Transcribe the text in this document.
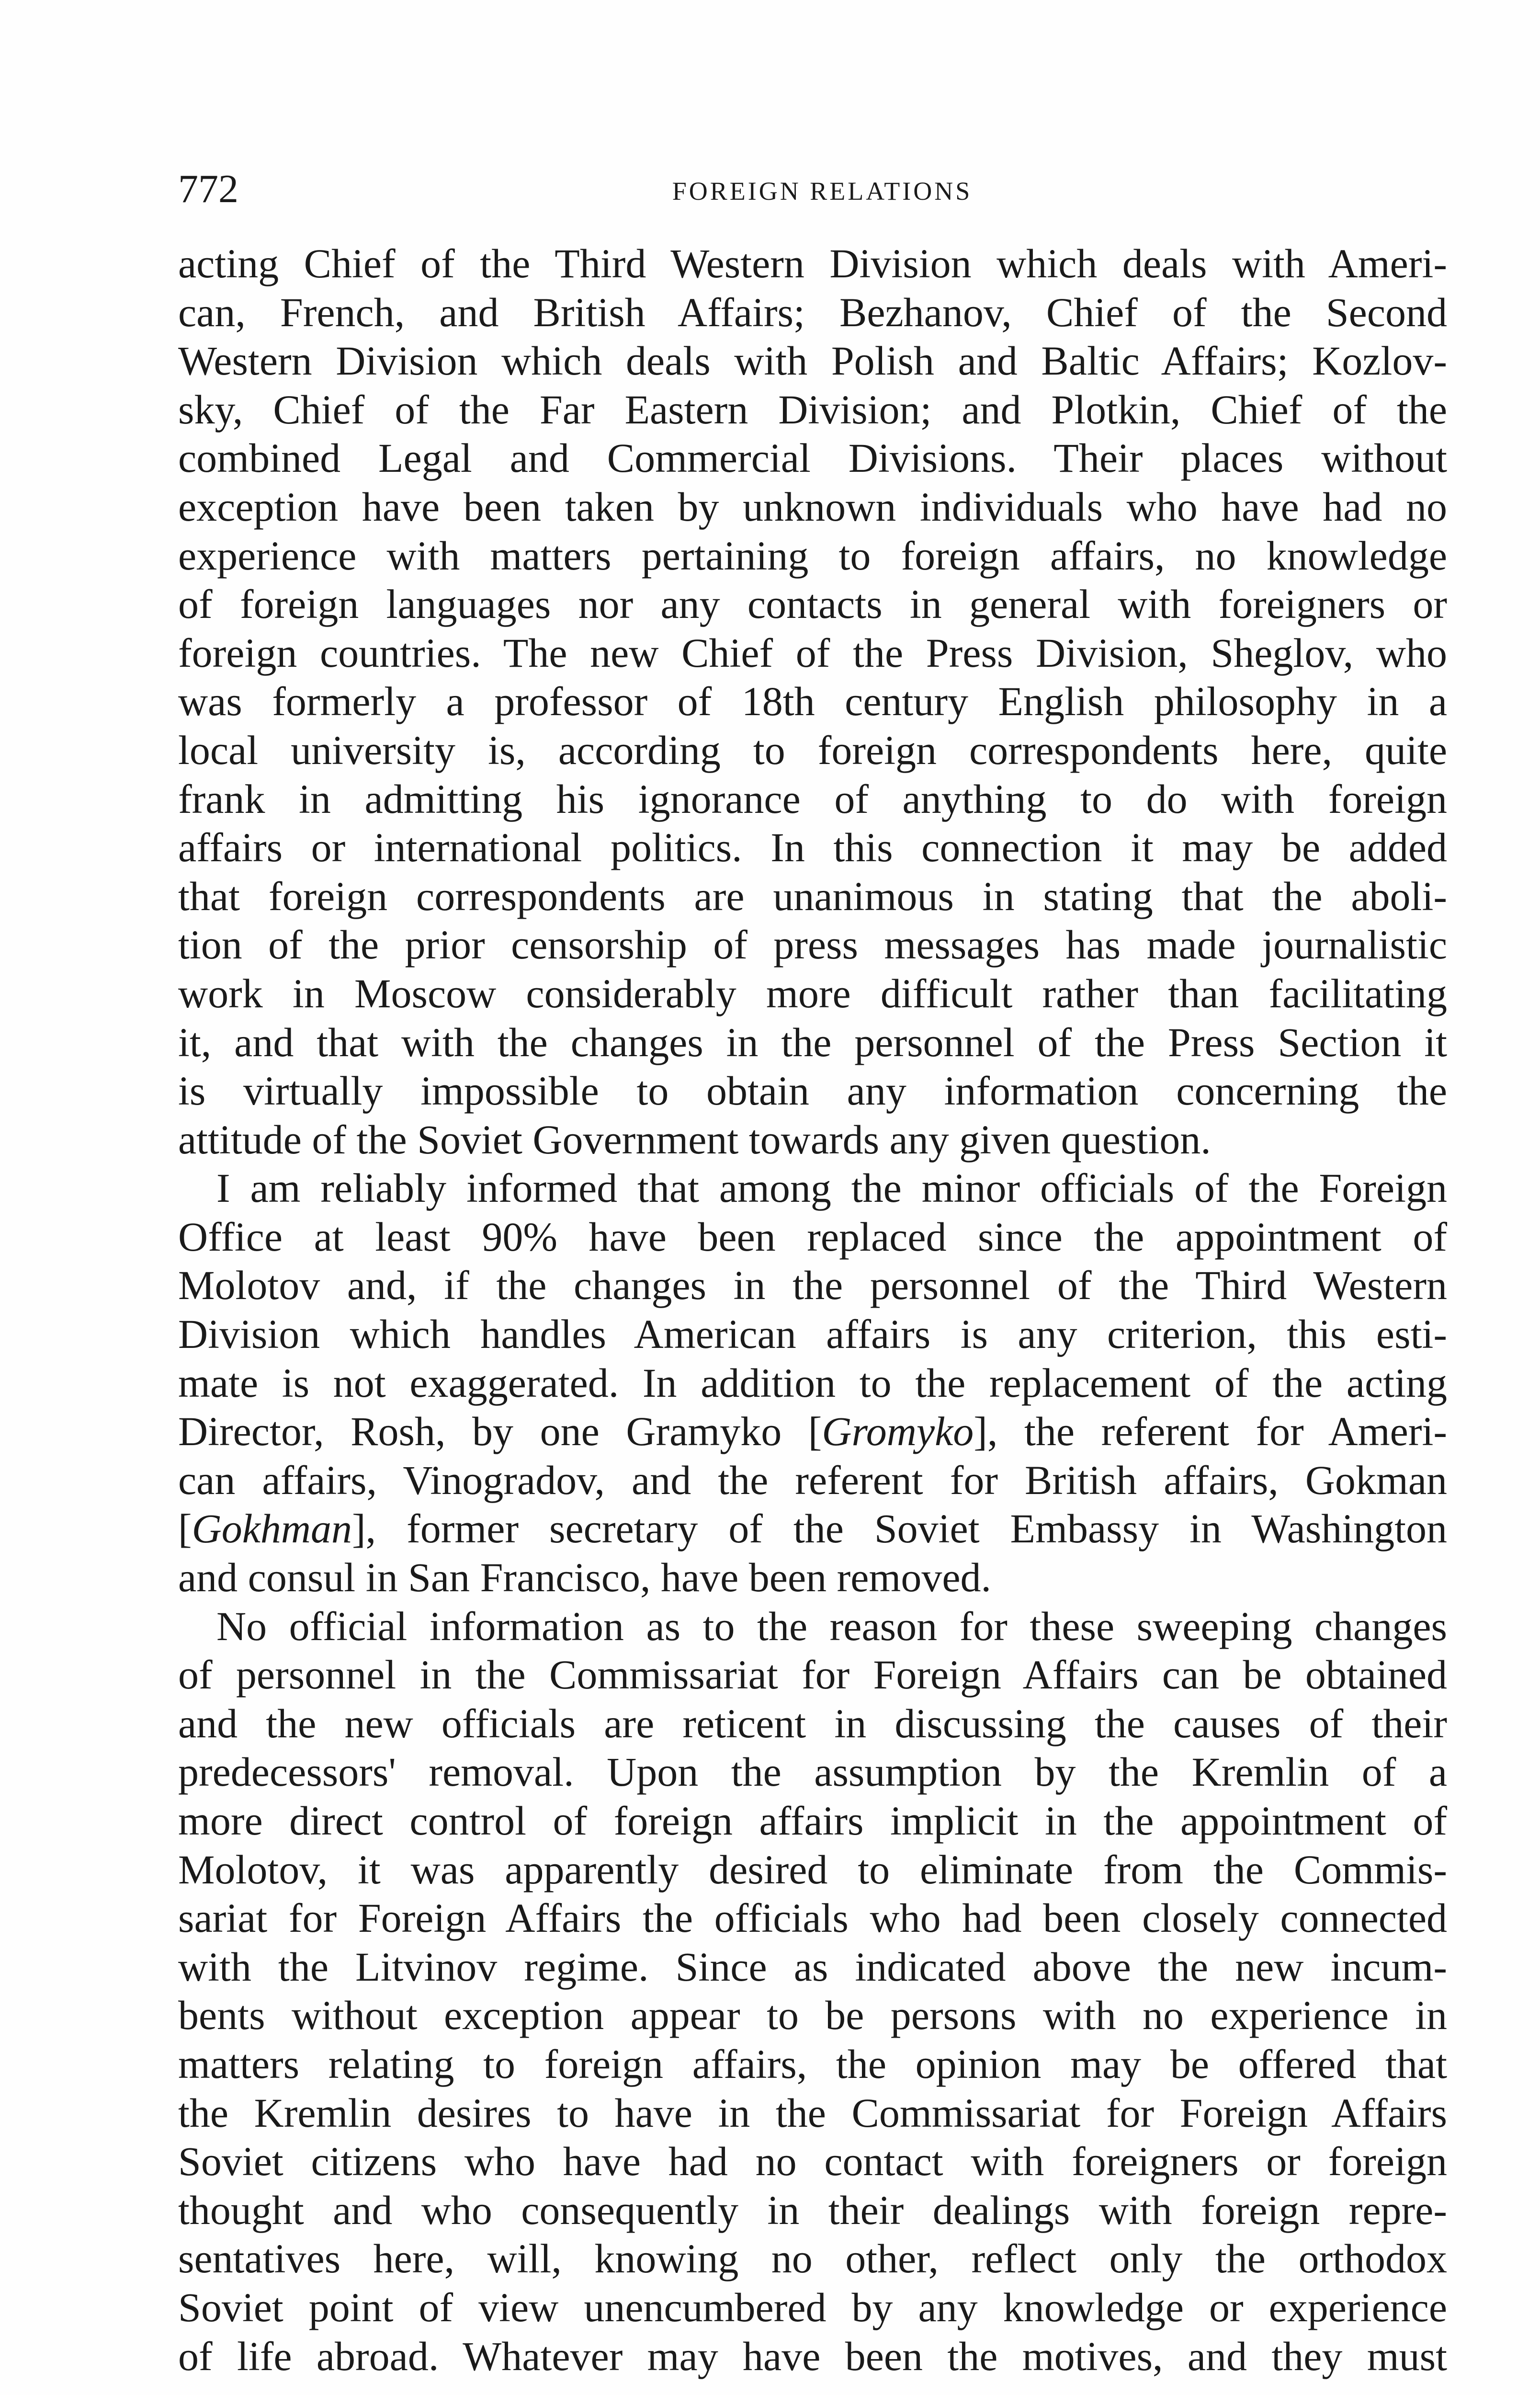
772	FOREIGN RELATIONS
acting Chief of the Third Western Division which deals with Ameri-
can, French, and British Affairs; Bezhanov, Chief of the Second
Western Division which deals with Polish and Baltic Affairs; Kozlov-
sky, Chief of the Far Eastern Division; and Plotkin, Chief of the
combined Legal and Commercial Divisions. Their places without
exception have been taken by unknown individuals who have had no
experience with matters pertaining to foreign affairs, no knowledge
of foreign languages nor any contacts in general with foreigners or
foreign countries. The new Chief of the Press Division, Sheglov, who
was formerly a professor of 18th century English philosophy in a
local university is, according to foreign correspondents here, quite
frank in admitting his ignorance of anything to do with foreign
affairs or international politics. In this connection it may be added
that foreign correspondents are unanimous in stating that the aboli-
tion of the prior censorship of press messages has made journalistic
work in Moscow considerably more difficult rather than facilitating
it, and that with the changes in the personnel of the Press Section it
is virtually impossible to obtain any information concerning the
attitude of the Soviet Government towards any given question.
I am reliably informed that among the minor officials of the Foreign
Office at least 90% have been replaced since the appointment of
Molotov and, if the changes in the personnel of the Third Western
Division which handles American affairs is any criterion, this esti-
mate is not exaggerated. In addition to the replacement of the acting
Director, Rosh, by one Gramyko [Gromyko], the referent for Ameri-
can affairs, Vinogradov, and the referent for British affairs, Gokman
[Gokhman], former secretary of the Soviet Embassy in Washington
and consul in San Francisco, have been removed.
No official information as to the reason for these sweeping changes
of personnel in the Commissariat for Foreign Affairs can be obtained
and the new officials are reticent in discussing the causes of their
predecessors' removal. Upon the assumption by the Kremlin of a
more direct control of foreign affairs implicit in the appointment of
Molotov, it was apparently desired to eliminate from the Commis-
sariat for Foreign Affairs the officials who had been closely connected
with the Litvinov regime. Since as indicated above the new incum-
bents without exception appear to be persons with no experience in
matters relating to foreign affairs, the opinion may be offered that
the Kremlin desires to have in the Commissariat for Foreign Affairs
Soviet citizens who have had no contact with foreigners or foreign
thought and who consequently in their dealings with foreign repre-
sentatives here, will, knowing no other, reflect only the orthodox
Soviet point of view unencumbered by any knowledge or experience
of life abroad. Whatever may have been the motives, and they must
